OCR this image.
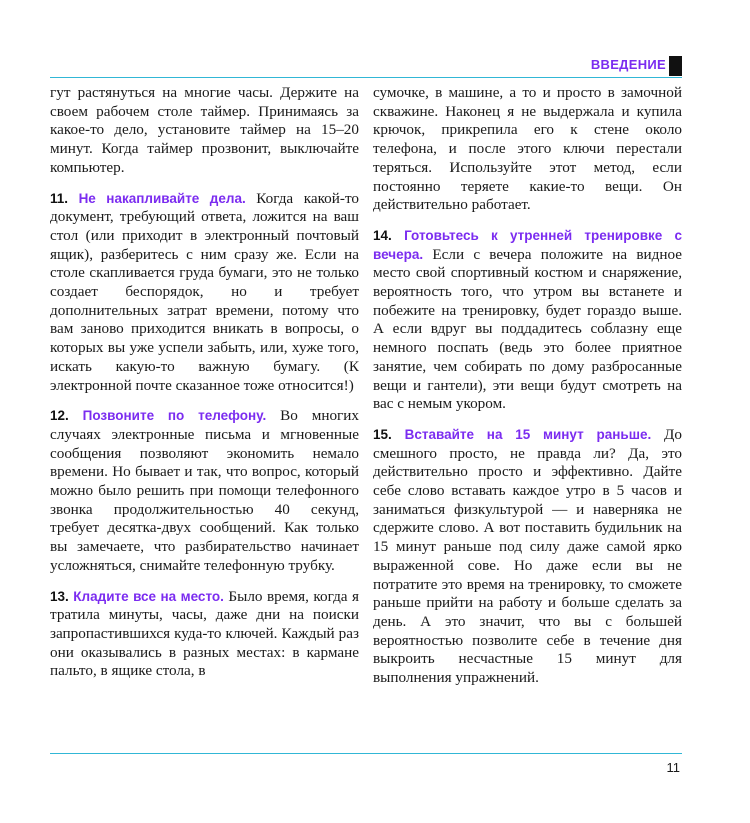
ВВЕДЕНИЕ

гут растянуться на многие часы. Держите на своем рабочем столе таймер. Принимаясь за какое-то дело, установите таймер на 15–20 минут. Когда таймер прозвонит, выключайте компьютер.

11. Не накапливайте дела. Когда какой-то документ, требующий ответа, ложится на ваш стол (или приходит в электронный почтовый ящик), разберитесь с ним сразу же. Если на столе скапливается груда бумаги, это не только создает беспорядок, но и требует дополнительных затрат времени, потому что вам заново приходится вникать в вопросы, о которых вы уже успели забыть, или, хуже того, искать какую-то важную бумагу. (К электронной почте сказанное тоже относится!)

12. Позвоните по телефону. Во многих случаях электронные письма и мгновенные сообщения позволяют экономить немало времени. Но бывает и так, что вопрос, который можно было решить при помощи телефонного звонка продолжительностью 40 секунд, требует десятка-двух сообщений. Как только вы замечаете, что разбирательство начинает усложняться, снимайте телефонную трубку.

13. Кладите все на место. Было время, когда я тратила минуты, часы, даже дни на поиски запропастившихся куда-то ключей. Каждый раз они оказывались в разных местах: в кармане пальто, в ящике стола, в

сумочке, в машине, а то и просто в замочной скважине. Наконец я не выдержала и купила крючок, прикрепила его к стене около телефона, и после этого ключи перестали теряться. Используйте этот метод, если постоянно теряете какие-то вещи. Он действительно работает.

14. Готовьтесь к утренней тренировке с вечера. Если с вечера положите на видное место свой спортивный костюм и снаряжение, вероятность того, что утром вы встанете и побежите на тренировку, будет гораздо выше. А если вдруг вы поддадитесь соблазну еще немного поспать (ведь это более приятное занятие, чем собирать по дому разбросанные вещи и гантели), эти вещи будут смотреть на вас с немым укором.

15. Вставайте на 15 минут раньше. До смешного просто, не правда ли? Да, это действительно просто и эффективно. Дайте себе слово вставать каждое утро в 5 часов и заниматься физкультурой — и наверняка не сдержите слово. А вот поставить будильник на 15 минут раньше под силу даже самой ярко выраженной сове. Но даже если вы не потратите это время на тренировку, то сможете раньше прийти на работу и больше сделать за день. А это значит, что вы с большей вероятностью позволите себе в течение дня выкроить несчастные 15 минут для выполнения упражнений.

11
